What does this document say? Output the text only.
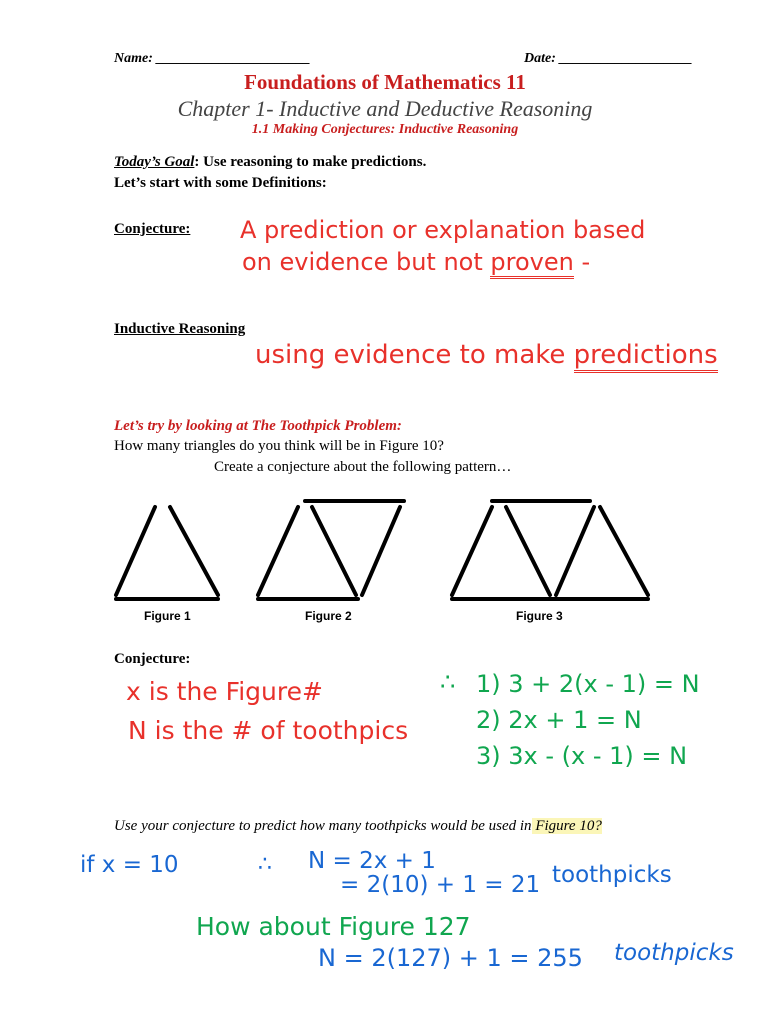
Name: ______________________	Date: ___________________
Foundations of Mathematics 11
Chapter 1- Inductive and Deductive Reasoning
1.1 Making Conjectures: Inductive Reasoning
Today’s Goal: Use reasoning to make predictions.
Let’s start with some Definitions:
Conjecture: A prediction or explanation based
on evidence but not proven -
Inductive Reasoning
using evidence to make predictions
Let’s try by looking at The Toothpick Problem:
How many triangles do you think will be in Figure 10?
Create a conjecture about the following pattern…
Figure 1	Figure 2	Figure 3
Conjecture:
x is the Figure#
N is the # of toothpics
∴ 1) 3 + 2(x - 1) = N
2) 2x + 1 = N
3) 3x - (x - 1) = N
Use your conjecture to predict how many toothpicks would be used in Figure 10?
if x = 10	∴ N = 2x + 1
= 2(10) + 1 = 21 toothpicks
How about Figure 127
N = 2(127) + 1 = 255 toothpicks
